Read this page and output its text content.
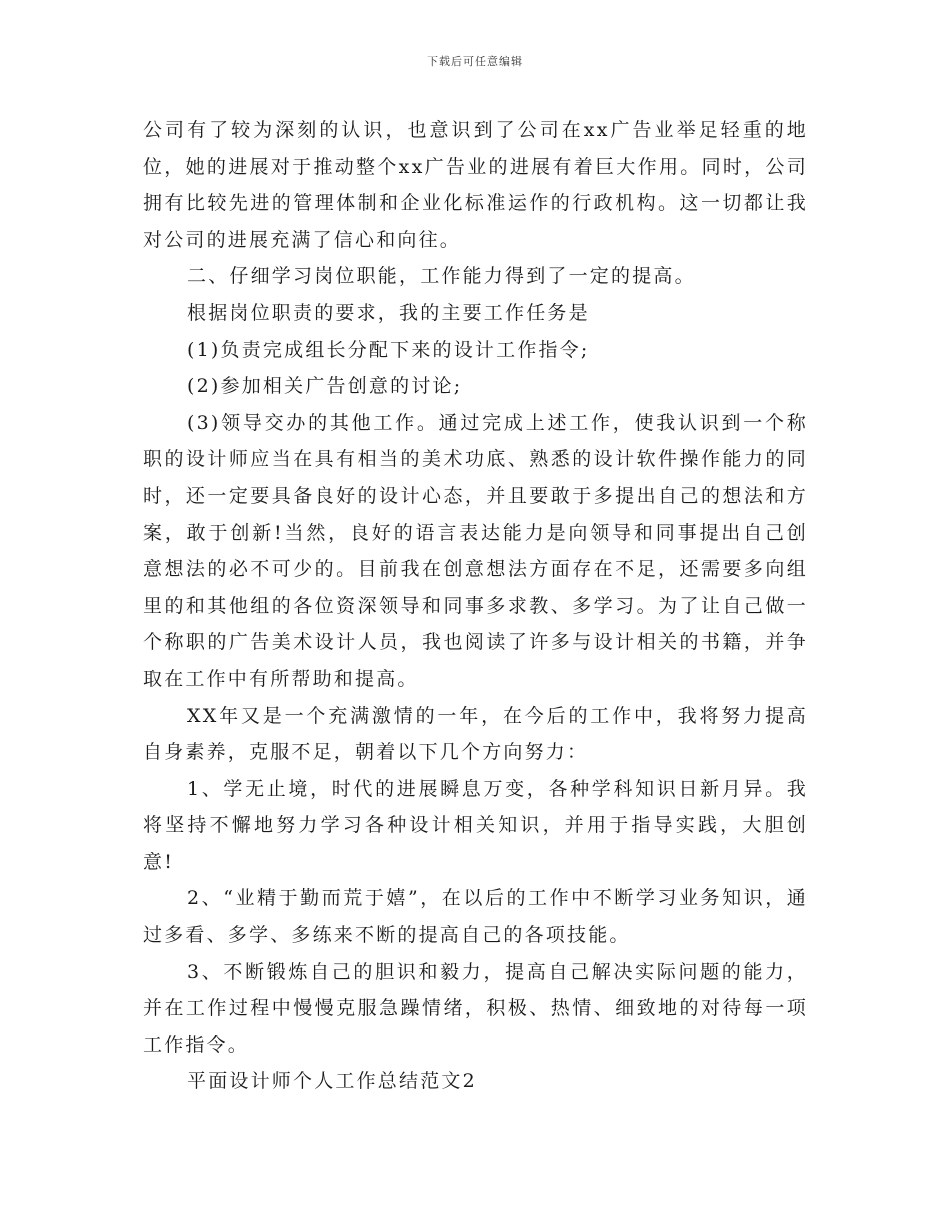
下载后可任意编辑

公司有了较为深刻的认识，也意识到了公司在xx广告业举足轻重的地位，她的进展对于推动整个xx广告业的进展有着巨大作用。同时，公司拥有比较先进的管理体制和企业化标准运作的行政机构。这一切都让我对公司的进展充满了信心和向往。

二、仔细学习岗位职能，工作能力得到了一定的提高。

根据岗位职责的要求，我的主要工作任务是

(1)负责完成组长分配下来的设计工作指令;

(2)参加相关广告创意的讨论;

(3)领导交办的其他工作。通过完成上述工作，使我认识到一个称职的设计师应当在具有相当的美术功底、熟悉的设计软件操作能力的同时，还一定要具备良好的设计心态，并且要敢于多提出自己的想法和方案，敢于创新!当然，良好的语言表达能力是向领导和同事提出自己创意想法的必不可少的。目前我在创意想法方面存在不足，还需要多向组里的和其他组的各位资深领导和同事多求教、多学习。为了让自己做一个称职的广告美术设计人员，我也阅读了许多与设计相关的书籍，并争取在工作中有所帮助和提高。

XX年又是一个充满激情的一年，在今后的工作中，我将努力提高自身素养，克服不足，朝着以下几个方向努力：

1、学无止境，时代的进展瞬息万变，各种学科知识日新月异。我将坚持不懈地努力学习各种设计相关知识，并用于指导实践，大胆创意!

2、“业精于勤而荒于嬉”，在以后的工作中不断学习业务知识，通过多看、多学、多练来不断的提高自己的各项技能。

3、不断锻炼自己的胆识和毅力，提高自己解决实际问题的能力，并在工作过程中慢慢克服急躁情绪，积极、热情、细致地的对待每一项工作指令。

平面设计师个人工作总结范文2
